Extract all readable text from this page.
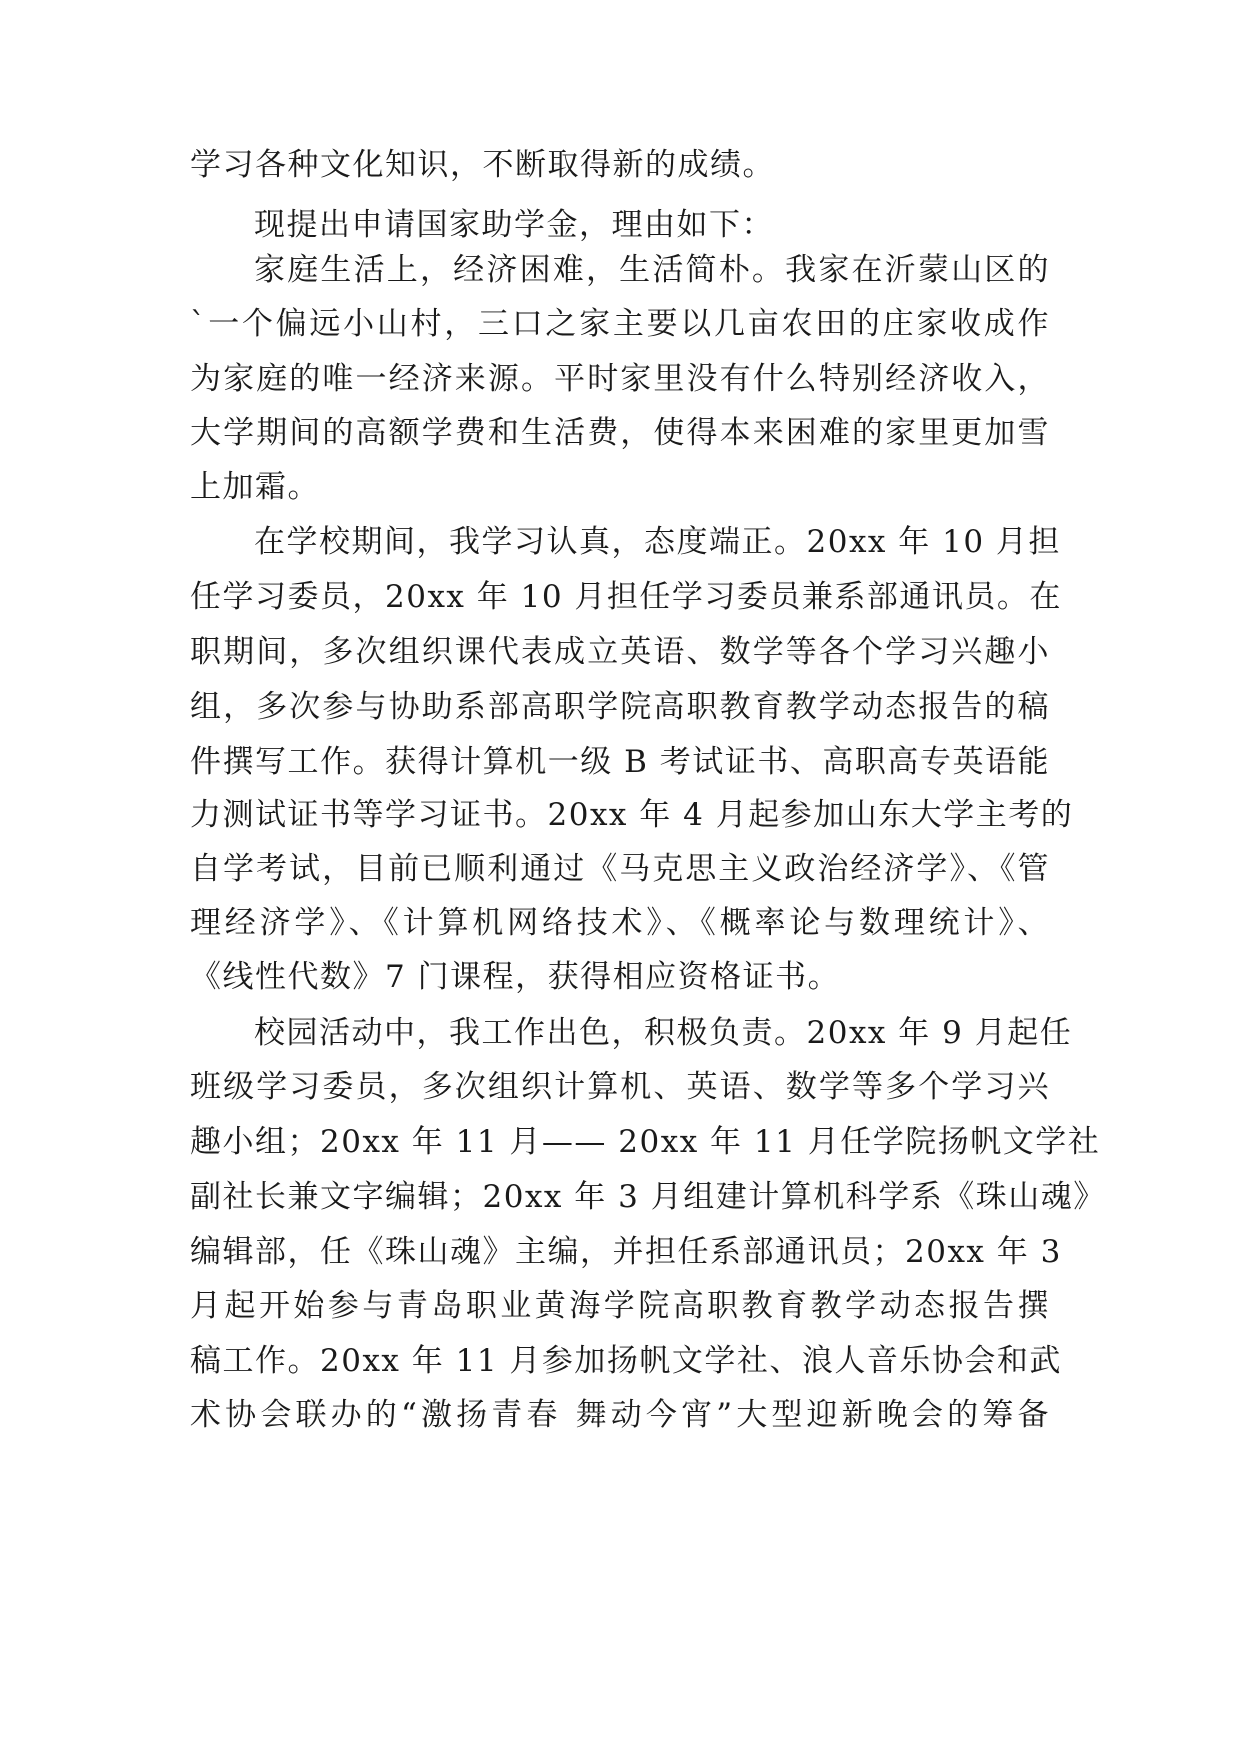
学习各种文化知识，不断取得新的成绩。
现提出申请国家助学金，理由如下：
家庭生活上，经济困难，生活简朴。我家在沂蒙山区的
`一个偏远小山村，三口之家主要以几亩农田的庄家收成作
为家庭的唯一经济来源。平时家里没有什么特别经济收入，
大学期间的高额学费和生活费，使得本来困难的家里更加雪
上加霜。
在学校期间，我学习认真，态度端正。20xx 年 10 月担
任学习委员，20xx 年 10 月担任学习委员兼系部通讯员。在
职期间，多次组织课代表成立英语、数学等各个学习兴趣小
组，多次参与协助系部高职学院高职教育教学动态报告的稿
件撰写工作。获得计算机一级 B 考试证书、高职高专英语能
力测试证书等学习证书。20xx 年 4 月起参加山东大学主考的
自学考试，目前已顺利通过《马克思主义政治经济学》、《管
理经济学》、《计算机网络技术》、《概率论与数理统计》、
《线性代数》7 门课程，获得相应资格证书。
校园活动中，我工作出色，积极负责。20xx 年 9 月起任
班级学习委员，多次组织计算机、英语、数学等多个学习兴
趣小组；20xx 年 11 月—— 20xx 年 11 月任学院扬帆文学社
副社长兼文字编辑；20xx 年 3 月组建计算机科学系《珠山魂》
编辑部，任《珠山魂》主编，并担任系部通讯员；20xx 年 3
月起开始参与青岛职业黄海学院高职教育教学动态报告撰
稿工作。20xx 年 11 月参加扬帆文学社、浪人音乐协会和武
术协会联办的“激扬青春 舞动今宵”大型迎新晚会的筹备
